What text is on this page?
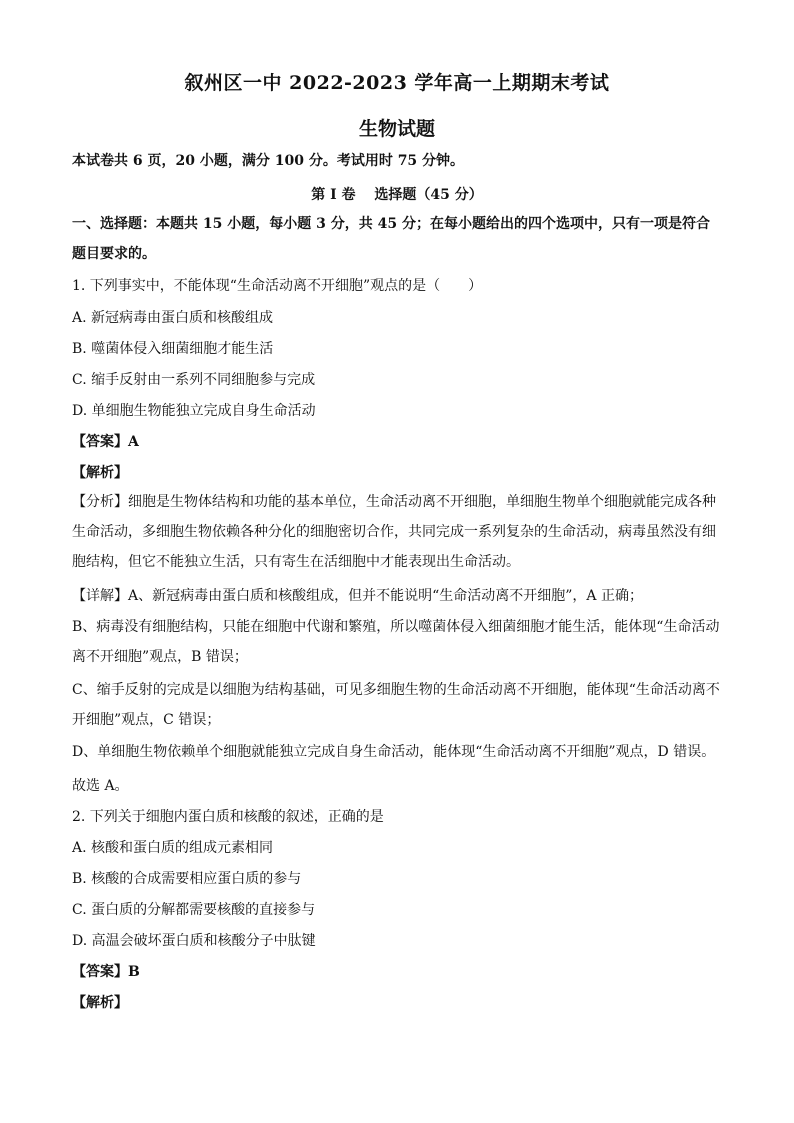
叙州区一中 2022-2023 学年高一上期期末考试
生物试题
本试卷共 6 页，20 小题，满分 100 分。考试用时 75 分钟。
第 I 卷　 选择题（45 分）
一、选择题：本题共 15 小题，每小题 3 分，共 45 分；在每小题给出的四个选项中，只有一项是符合题目要求的。
1. 下列事实中，不能体现“生命活动离不开细胞”观点的是（　　）
A. 新冠病毒由蛋白质和核酸组成
B. 噬菌体侵入细菌细胞才能生活
C. 缩手反射由一系列不同细胞参与完成
D. 单细胞生物能独立完成自身生命活动
【答案】A
【解析】
【分析】细胞是生物体结构和功能的基本单位，生命活动离不开细胞，单细胞生物单个细胞就能完成各种生命活动，多细胞生物依赖各种分化的细胞密切合作，共同完成一系列复杂的生命活动，病毒虽然没有细胞结构，但它不能独立生活，只有寄生在活细胞中才能表现出生命活动。
【详解】A、新冠病毒由蛋白质和核酸组成，但并不能说明“生命活动离不开细胞”，A 正确；
B、病毒没有细胞结构，只能在细胞中代谢和繁殖，所以噬菌体侵入细菌细胞才能生活，能体现“生命活动离不开细胞”观点，B 错误；
C、缩手反射的完成是以细胞为结构基础，可见多细胞生物的生命活动离不开细胞，能体现“生命活动离不开细胞”观点，C 错误；
D、单细胞生物依赖单个细胞就能独立完成自身生命活动，能体现“生命活动离不开细胞”观点，D 错误。
故选 A。
2. 下列关于细胞内蛋白质和核酸的叙述，正确的是
A. 核酸和蛋白质的组成元素相同
B. 核酸的合成需要相应蛋白质的参与
C. 蛋白质的分解都需要核酸的直接参与
D. 高温会破坏蛋白质和核酸分子中肽键
【答案】B
【解析】
